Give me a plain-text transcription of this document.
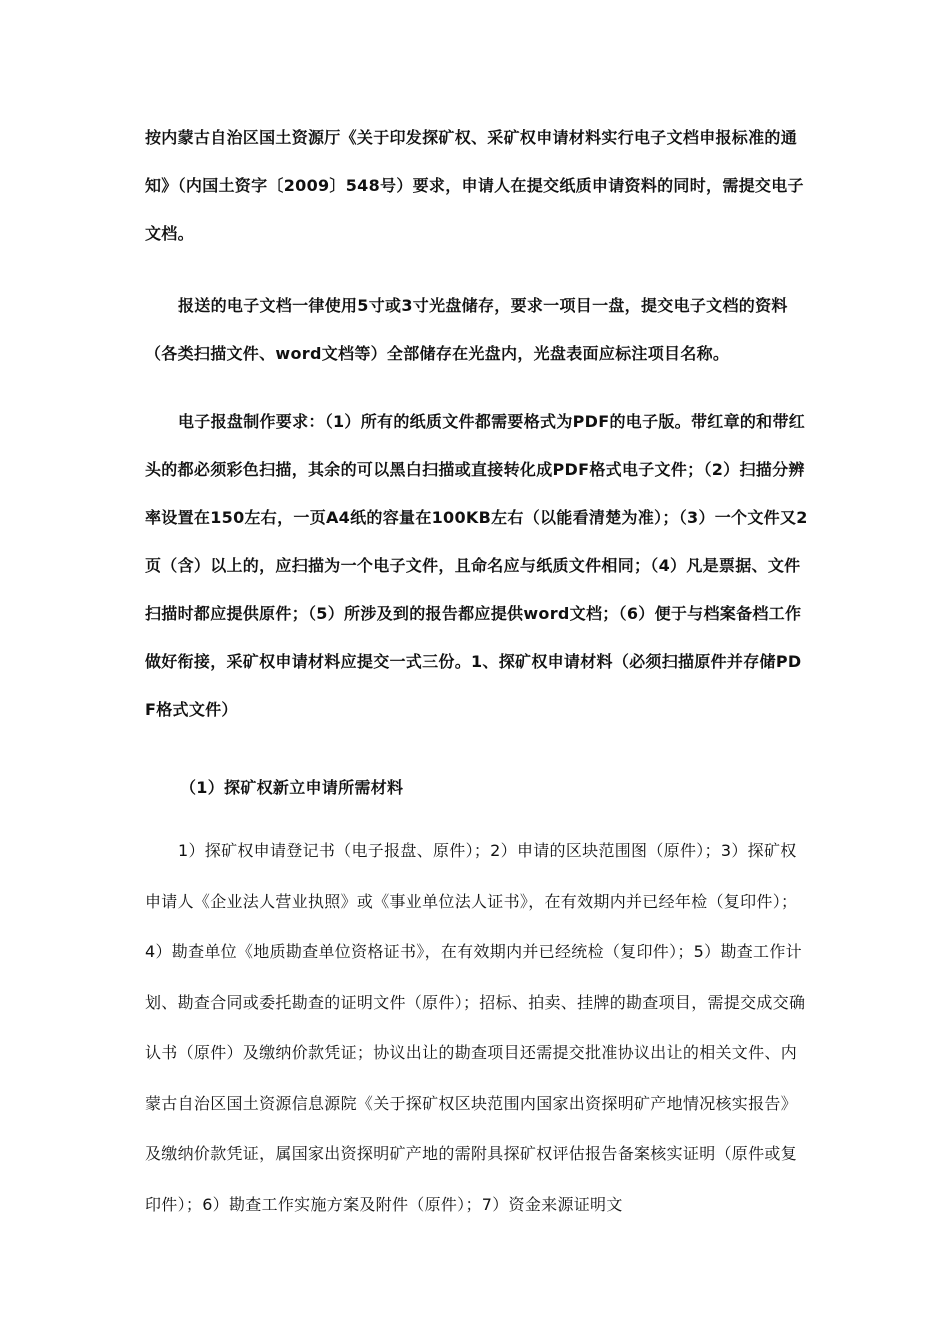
按内蒙古自治区国土资源厅《关于印发探矿权、采矿权申请材料实行电子文档申报标准的通知》（内国土资字〔2009〕548号）要求，申请人在提交纸质申请资料的同时，需提交电子文档。

报送的电子文档一律使用5寸或3寸光盘储存，要求一项目一盘，提交电子文档的资料（各类扫描文件、word文档等）全部储存在光盘内，光盘表面应标注项目名称。

电子报盘制作要求：（1）所有的纸质文件都需要格式为PDF的电子版。带红章的和带红头的都必须彩色扫描，其余的可以黑白扫描或直接转化成PDF格式电子文件；（2）扫描分辨率设置在150左右，一页A4纸的容量在100KB左右（以能看清楚为准）；（3）一个文件又2页（含）以上的，应扫描为一个电子文件，且命名应与纸质文件相同；（4）凡是票据、文件扫描时都应提供原件；（5）所涉及到的报告都应提供word文档；（6）便于与档案备档工作做好衔接，采矿权申请材料应提交一式三份。1、探矿权申请材料（必须扫描原件并存储PDF格式文件）

（1）探矿权新立申请所需材料

1）探矿权申请登记书（电子报盘、原件）；2）申请的区块范围图（原件）；3）探矿权申请人《企业法人营业执照》或《事业单位法人证书》，在有效期内并已经年检（复印件）；4）勘查单位《地质勘查单位资格证书》，在有效期内并已经统检（复印件）；5）勘查工作计划、勘查合同或委托勘查的证明文件（原件）；招标、拍卖、挂牌的勘查项目，需提交成交确认书（原件）及缴纳价款凭证；协议出让的勘查项目还需提交批准协议出让的相关文件、内蒙古自治区国土资源信息源院《关于探矿权区块范围内国家出资探明矿产地情况核实报告》及缴纳价款凭证，属国家出资探明矿产地的需附具探矿权评估报告备案核实证明（原件或复印件）；6）勘查工作实施方案及附件（原件）；7）资金来源证明文
